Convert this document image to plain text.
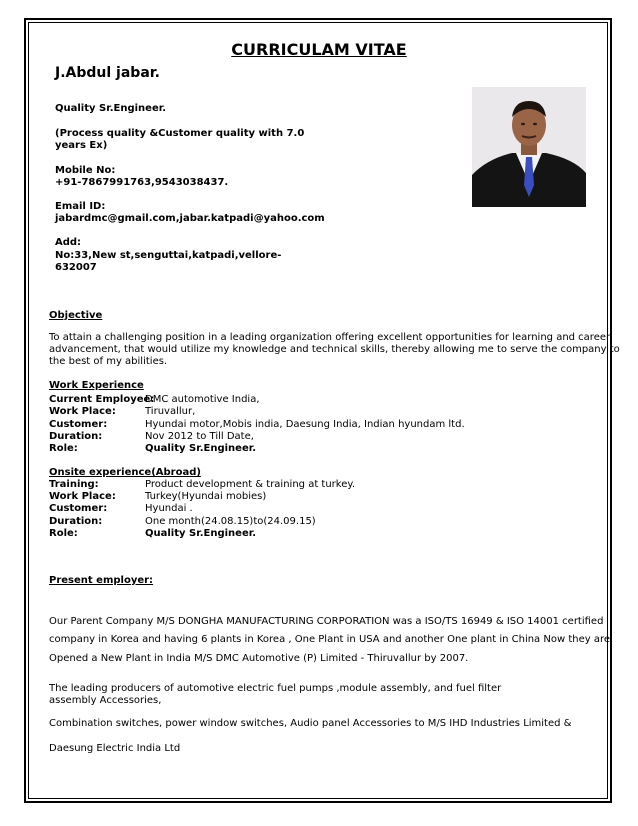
CURRICULAM VITAE
J.Abdul jabar.
Quality Sr.Engineer.
(Process quality &Customer quality with 7.0
years Ex)
Mobile No:
+91-7867991763,9543038437.
Email ID:
jabardmc@gmail.com,jabar.katpadi@yahoo.com
Add:
No:33,New st,senguttai,katpadi,vellore-
632007
Objective
To attain a challenging position in a leading organization offering excellent opportunities for learning and career
advancement, that would utilize my knowledge and technical skills, thereby allowing me to serve the company to
the best of my abilities.
Work Experience
Current Employee:
DMC automotive India,
Work Place:	Tiruvallur,
Customer:	Hyundai motor,Mobis india, Daesung India, Indian hyundam ltd.
Duration:	Nov 2012 to Till Date,
Role:	Quality Sr.Engineer.
Onsite experience(Abroad)
Training:	Product development & training at turkey.
Work Place:	Turkey(Hyundai mobies)
Customer:	Hyundai .
Duration:	One month(24.08.15)to(24.09.15)
Role:	Quality Sr.Engineer.
Present employer:
Our Parent Company M/S DONGHA MANUFACTURING CORPORATION was a ISO/TS 16949 & ISO 14001 certified
company in Korea and having 6 plants in Korea , One Plant in USA and another One plant in China Now they are
Opened a New Plant in India M/S DMC Automotive (P) Limited - Thiruvallur by 2007.
The leading producers of automotive electric fuel pumps ,module assembly, and fuel filter
assembly Accessories,
Combination switches, power window switches, Audio panel Accessories to M/S IHD Industries Limited &
Daesung Electric India Ltd
